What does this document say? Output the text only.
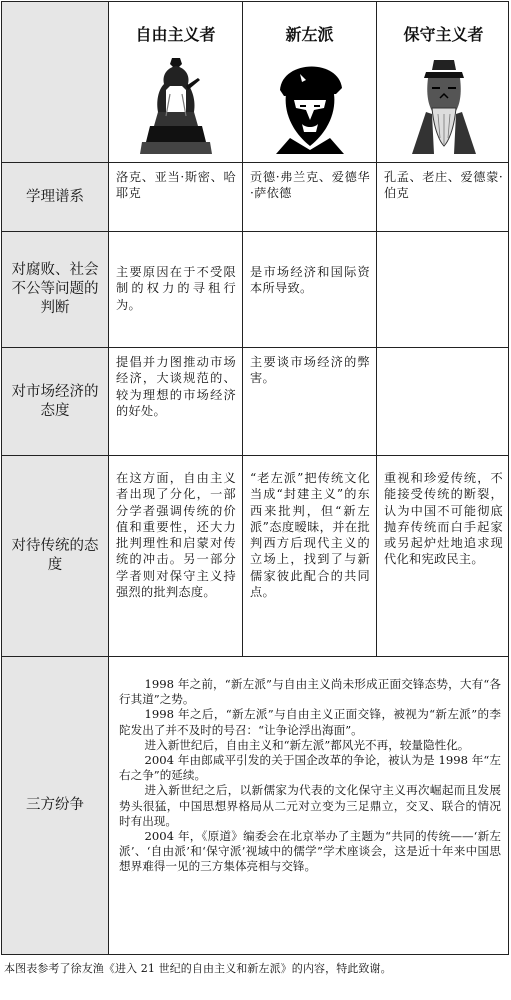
自由主义者	新左派	保守主义者
学理谱系
洛克、亚当·斯密、哈耶克
贡德·弗兰克、爱德华·萨依德
孔孟、老庄、爱德蒙·伯克
对腐败、社会不公等问题的判断
主要原因在于不受限制的权力的寻租行为。
是市场经济和国际资本所导致。
对市场经济的态度
提倡并力图推动市场经济，大谈规范的、较为理想的市场经济的好处。
主要谈市场经济的弊害。
对待传统的态度
在这方面，自由主义者出现了分化，一部分学者强调传统的价值和重要性，还大力批判理性和启蒙对传统的冲击。另一部分学者则对保守主义持强烈的批判态度。
“老左派”把传统文化当成“封建主义”的东西来批判，但“新左派”态度暧昧，并在批判西方后现代主义的立场上，找到了与新儒家彼此配合的共同点。
重视和珍爱传统，不能接受传统的断裂，认为中国不可能彻底抛弃传统而白手起家或另起炉灶地追求现代化和宪政民主。
三方纷争

1998 年之前，“新左派”与自由主义尚未形成正面交锋态势，大有“各行其道”之势。

1998 年之后，“新左派”与自由主义正面交锋，被视为“新左派”的李陀发出了并不及时的号召：“让争论浮出海面”。

进入新世纪后，自由主义和“新左派”都风光不再，较量隐性化。

2004 年由郎咸平引发的关于国企改革的争论，被认为是 1998 年“左右之争”的延续。

进入新世纪之后，以新儒家为代表的文化保守主义再次崛起而且发展势头很猛，中国思想界格局从二元对立变为三足鼎立，交叉、联合的情况时有出现。

2004 年，《原道》编委会在北京举办了主题为“共同的传统——‘新左派’、‘自由派’和‘保守派’视域中的儒学”学术座谈会，这是近十年来中国思想界难得一见的三方集体亮相与交锋。

本图表参考了徐友渔《进入 21 世纪的自由主义和新左派》的内容，特此致谢。
